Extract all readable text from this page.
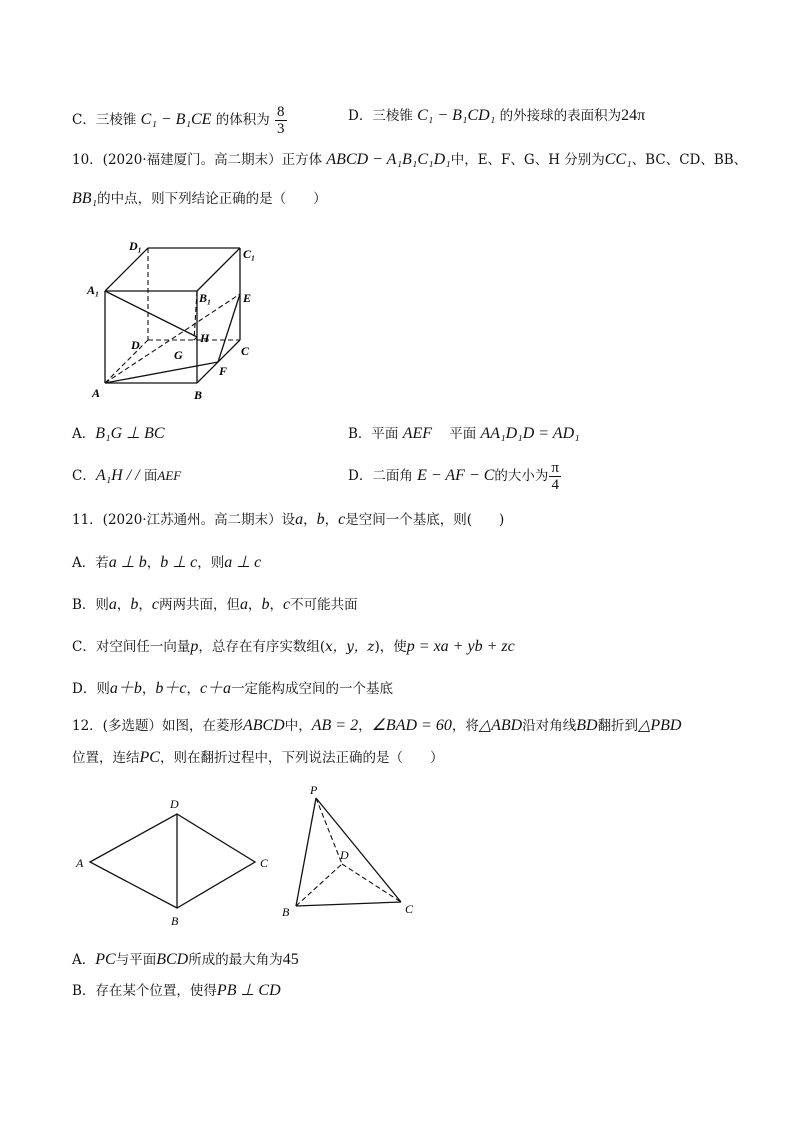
C．三棱锥 C₁ − B₁CE 的体积为 $\frac{8}{3}$	D．三棱锥 C₁ − B₁CD₁ 的外接球的表面积为24π
10．(2020·福建厦门。高二期末）正方体 ABCD − A₁B₁C₁D₁中，E、F、G、H 分别为CC₁、BC、CD、BB、
BB₁的中点，则下列结论正确的是（　　）
D₁
C₁
A₁
B₁	E
H
D
G	C
F
A	B
A．B₁G ⊥ BC	B．平面 AEF 平面 AA₁D₁D = AD₁
C．A₁H / / 面AEF	D．二面角 E − AF − C的大小为 $\frac{\pi}{4}$
11．(2020·江苏通州。高二期末）设a，b，c是空间一个基底，则(　　)
A．若a ⊥ b，b ⊥ c，则a ⊥ c
B．则a，b，c两两共面，但a，b，c不可能共面
C．对空间任一向量p，总存在有序实数组(x，y，z)，使p = xa + yb + zc
D．则a＋b，b＋c，c＋a一定能构成空间的一个基底
12．(多选题）如图，在菱形ABCD中，AB = 2，∠BAD = 60，将△ABD沿对角线BD翻折到△PBD
位置，连结PC，则在翻折过程中，下列说法正确的是（　　）
D
A	C
B
P
D
B	C
A．PC与平面BCD所成的最大角为45
B．存在某个位置，使得PB ⊥ CD
